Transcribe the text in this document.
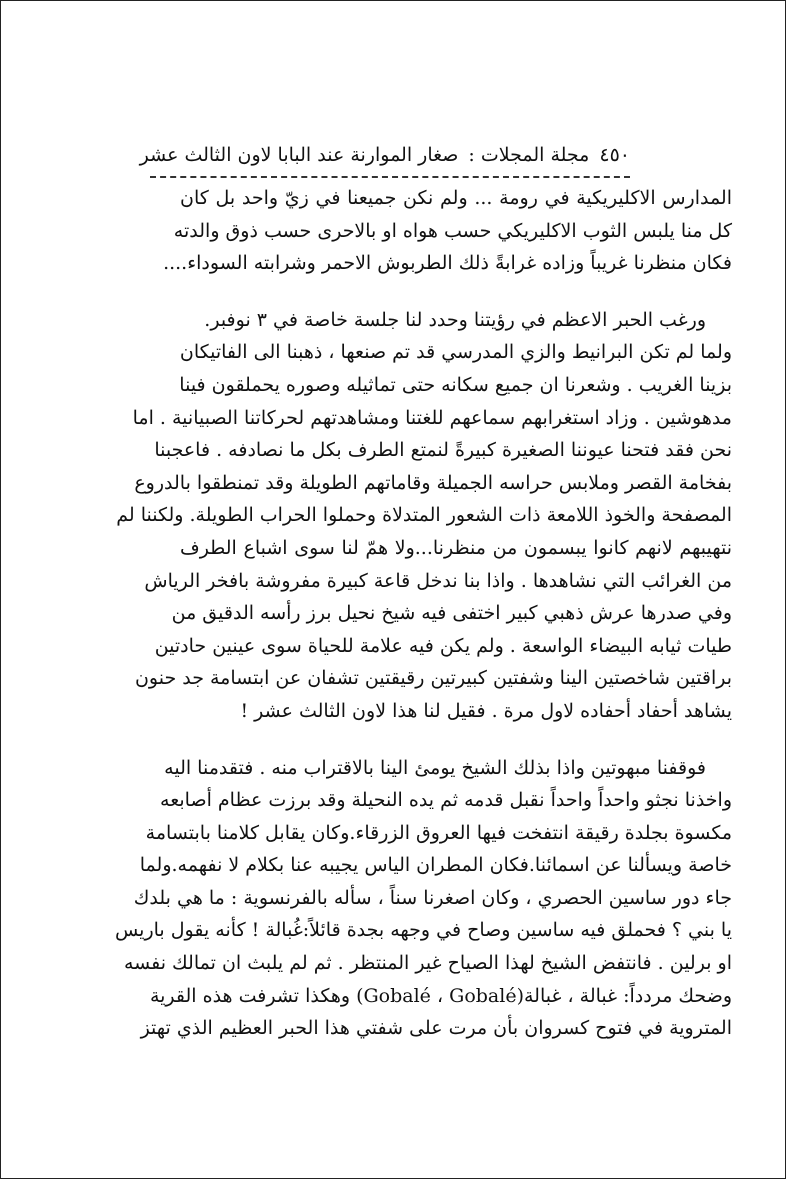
٤٥٠
مجلة المجلات :
صغار الموارنة عند البابا لاون الثالث عشر
المدارس الاكليريكية في رومة ... ولم نكن جميعنا في زيّ واحد بل كان
كل منا يلبس الثوب الاكليريكي حسب هواه او بالاحرى حسب ذوق والدته
فكان منظرنا غريباً وزاده غرابةً ذلك الطربوش الاحمر وشرابته السوداء....
ورغب الحبر الاعظم في رؤيتنا وحدد لنا جلسة خاصة في ٣ نوفبر.
ولما لم تكن البرانيط والزي المدرسي قد تم صنعها ، ذهبنا الى الفاتيكان
بزينا الغريب . وشعرنا ان جميع سكانه حتى تماثيله وصوره يحملقون فينا
مدهوشين . وزاد استغرابهم سماعهم للغتنا ومشاهدتهم لحركاتنا الصبيانية . اما
نحن فقد فتحنا عيوننا الصغيرة كبيرةً لنمتع الطرف بكل ما نصادفه . فاعجبنا
بفخامة القصر وملابس حراسه الجميلة وقاماتهم الطويلة وقد تمنطقوا بالدروع
المصفحة والخوذ اللامعة ذات الشعور المتدلاة وحملوا الحراب الطويلة. ولكننا لم
نتهيبهم لانهم كانوا يبسمون من منظرنا...ولا همّ لنا سوى اشباع الطرف
من الغرائب التي نشاهدها . واذا بنا ندخل قاعة كبيرة مفروشة بافخر الرياش
وفي صدرها عرش ذهبي كبير اختفى فيه شيخ نحيل برز رأسه الدقيق من
طيات ثيابه البيضاء الواسعة . ولم يكن فيه علامة للحياة سوى عينين حادتين
براقتين شاخصتين الينا وشفتين كبيرتين رقيقتين تشفان عن ابتسامة جد حنون
يشاهد أحفاد أحفاده لاول مرة . فقيل لنا هذا لاون الثالث عشر !
فوقفنا مبهوتين واذا بذلك الشيخ يومئ الينا بالاقتراب منه . فتقدمنا اليه
واخذنا نجثو واحداً واحداً نقبل قدمه ثم يده النحيلة وقد برزت عظام أصابعه
مكسوة بجلدة رقيقة انتفخت فيها العروق الزرقاء.وكان يقابل كلامنا بابتسامة
خاصة ويسألنا عن اسمائنا.فكان المطران الياس يجيبه عنا بكلام لا نفهمه.ولما
جاء دور ساسين الحصري ، وكان اصغرنا سناً ، سأله بالفرنسوية : ما هي بلدك
يا بني ؟ فحملق فيه ساسين وصاح في وجهه بجدة قائلاً:غُبالة ! كأنه يقول باريس
او برلين . فانتفض الشيخ لهذا الصياح غير المنتظر . ثم لم يلبث ان تمالك نفسه
وضحك مردداً: غبالة ، غبالة(Gobalé ، Gobalé) وهكذا تشرفت هذه القرية
المتروية في فتوح كسروان بأن مرت على شفتي هذا الحبر العظيم الذي تهتز
